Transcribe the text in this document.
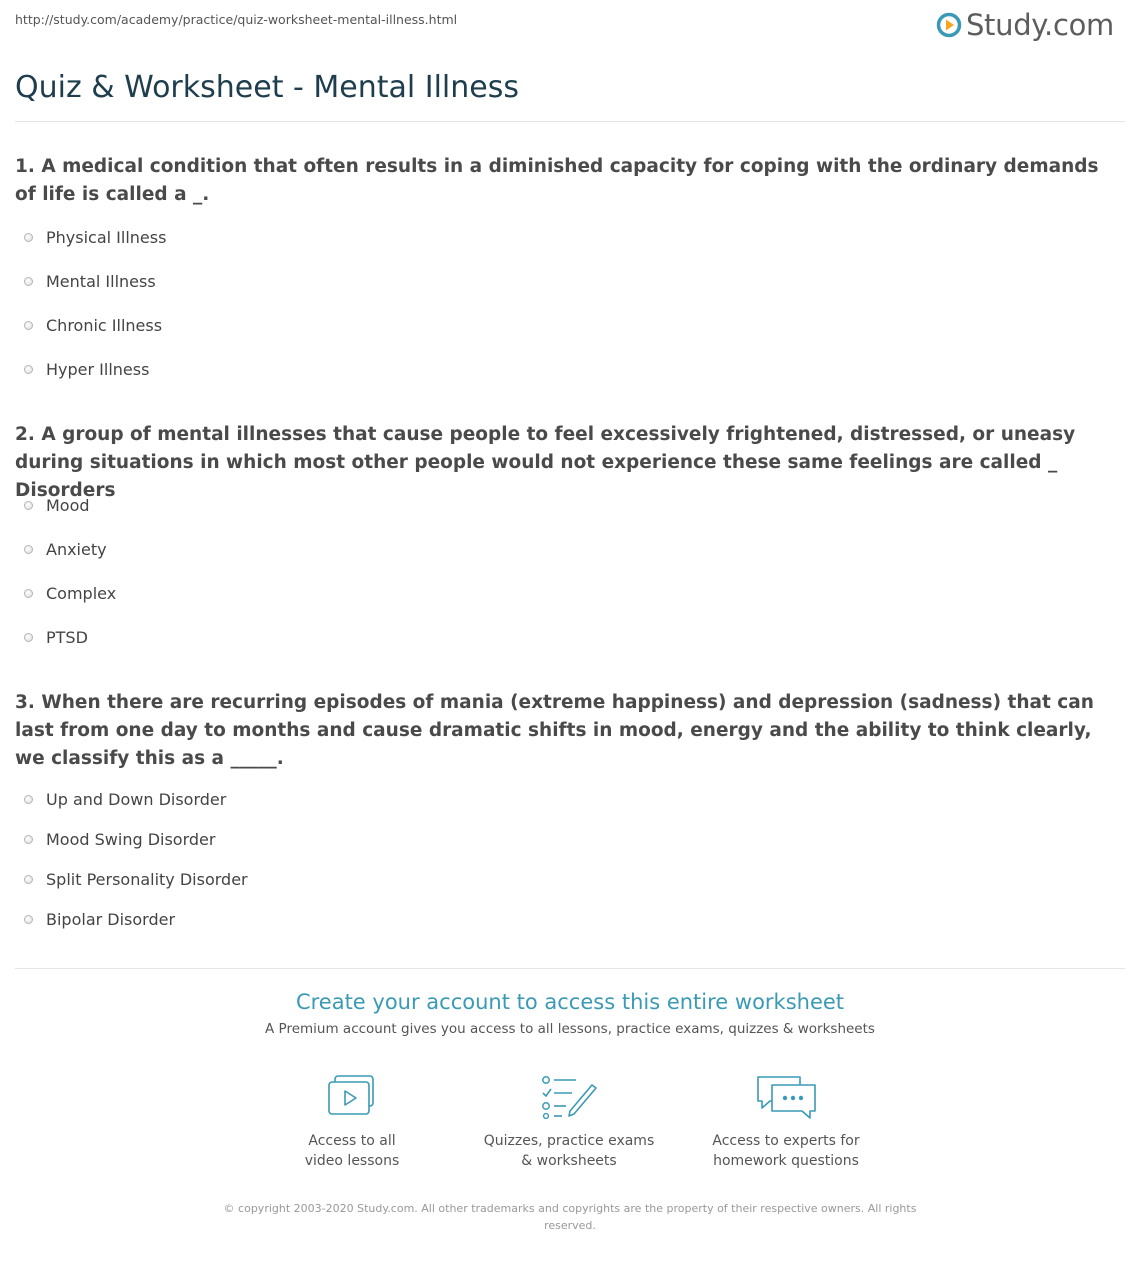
http://study.com/academy/practice/quiz-worksheet-mental-illness.html	Study.com
Quiz & Worksheet - Mental Illness

1. A medical condition that often results in a diminished capacity for coping with the ordinary demands of life is called a _.

Physical Illness
Mental Illness
Chronic Illness
Hyper Illness

2. A group of mental illnesses that cause people to feel excessively frightened, distressed, or uneasy during situations in which most other people would not experience these same feelings are called _ Disorders

Mood
Anxiety
Complex
PTSD

3. When there are recurring episodes of mania (extreme happiness) and depression (sadness) that can last from one day to months and cause dramatic shifts in mood, energy and the ability to think clearly, we classify this as a _____.

Up and Down Disorder
Mood Swing Disorder
Split Personality Disorder
Bipolar Disorder
Create your account to access this entire worksheet
A Premium account gives you access to all lessons, practice exams, quizzes & worksheets
Access to all
video lessons
Quizzes, practice exams
& worksheets
Access to experts for
homework questions
© copyright 2003-2020 Study.com. All other trademarks and copyrights are the property of their respective owners. All rights reserved.
